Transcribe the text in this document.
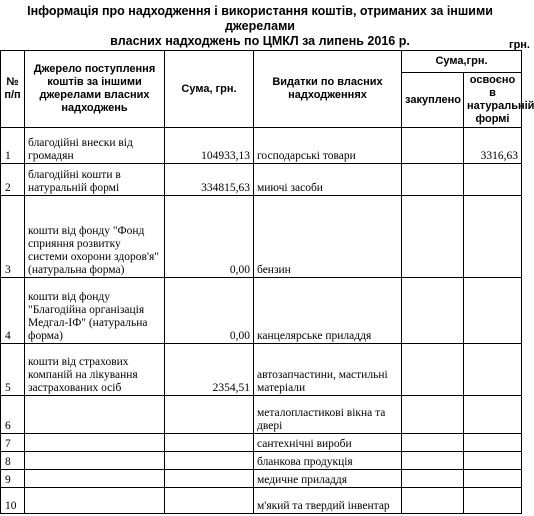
Інформація про надходження і використання коштів, отриманих за іншими джерелами
власних надходжень по ЦМКЛ за липень 2016 р.	грн.
№ п/п	Джерело поступлення коштів за іншими джерелами власних надходжень	Сума, грн.	Видатки по власних надходженнях	Сума,грн.	
				закуплено	освоєно в натуральній формі
1	благодійні внески від громадян	104933,13	господарські товари		3316,63
2	благодійні кошти в натуральній формі	334815,63	миючі засоби		
3	кошти від фонду "Фонд сприяння розвитку системи охорони здоров'я" (натуральна форма)	0,00	бензин		
4	кошти від фонду "Благодійна організація Медгал-ІФ" (натуральна форма)	0,00	канцелярське приладдя		
5	кошти від страхових компаній на лікування застрахованих осіб	2354,51	автозапчастини, мастильні матеріали		
6			металопластикові вікна та двері		
7			сантехнічні вироби		
8			бланкова продукція		
9			медичне приладдя		
10			м'який та твердий інвентар		
